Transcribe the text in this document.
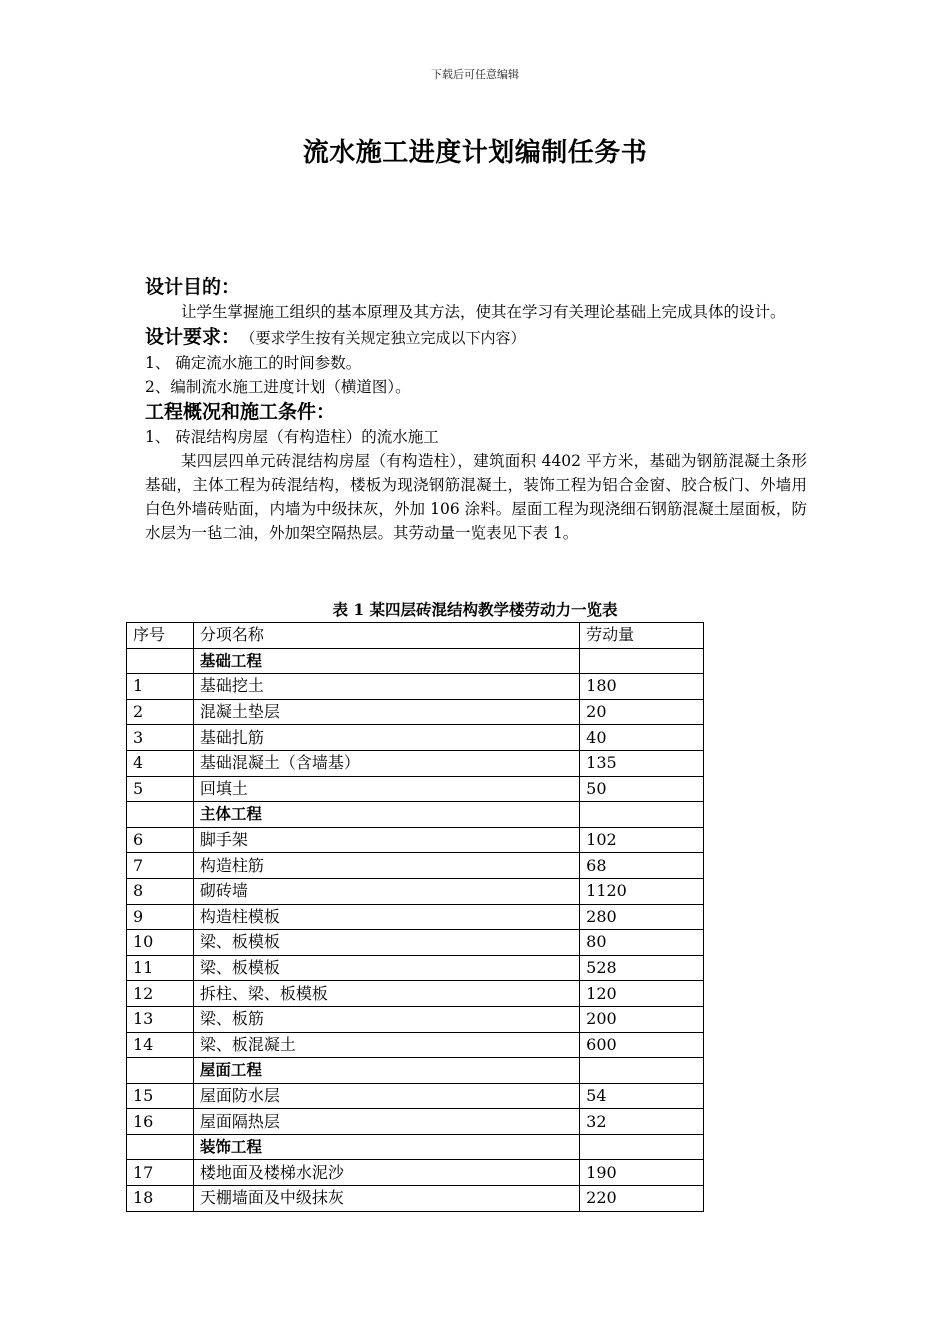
下载后可任意编辑
流水施工进度计划编制任务书

设计目的：

让学生掌握施工组织的基本原理及其方法，使其在学习有关理论基础上完成具体的设计。

设计要求： （要求学生按有关规定独立完成以下内容）

1、 确定流水施工的时间参数。

2、编制流水施工进度计划（横道图）。

工程概况和施工条件：

1、 砖混结构房屋（有构造柱）的流水施工

某四层四单元砖混结构房屋（有构造柱），建筑面积 4402 平方米，基础为钢筋混凝土条形基础，主体工程为砖混结构，楼板为现浇钢筋混凝土，装饰工程为铝合金窗、胶合板门、外墙用白色外墙砖贴面，内墙为中级抹灰，外加 106 涂料。屋面工程为现浇细石钢筋混凝土屋面板，防水层为一毡二油，外加架空隔热层。其劳动量一览表见下表 1。

表 1 某四层砖混结构教学楼劳动力一览表
序号	分项名称	劳动量
	基础工程	
1	基础挖土	180
2	混凝土垫层	20
3	基础扎筋	40
4	基础混凝土（含墙基）	135
5	回填土	50
	主体工程	
6	脚手架	102
7	构造柱筋	68
8	砌砖墙	1120
9	构造柱模板	280
10	梁、板模板	80
11	梁、板模板	528
12	拆柱、梁、板模板	120
13	梁、板筋	200
14	梁、板混凝土	600
	屋面工程	
15	屋面防水层	54
16	屋面隔热层	32
	装饰工程	
17	楼地面及楼梯水泥沙	190
18	天棚墙面及中级抹灰	220
